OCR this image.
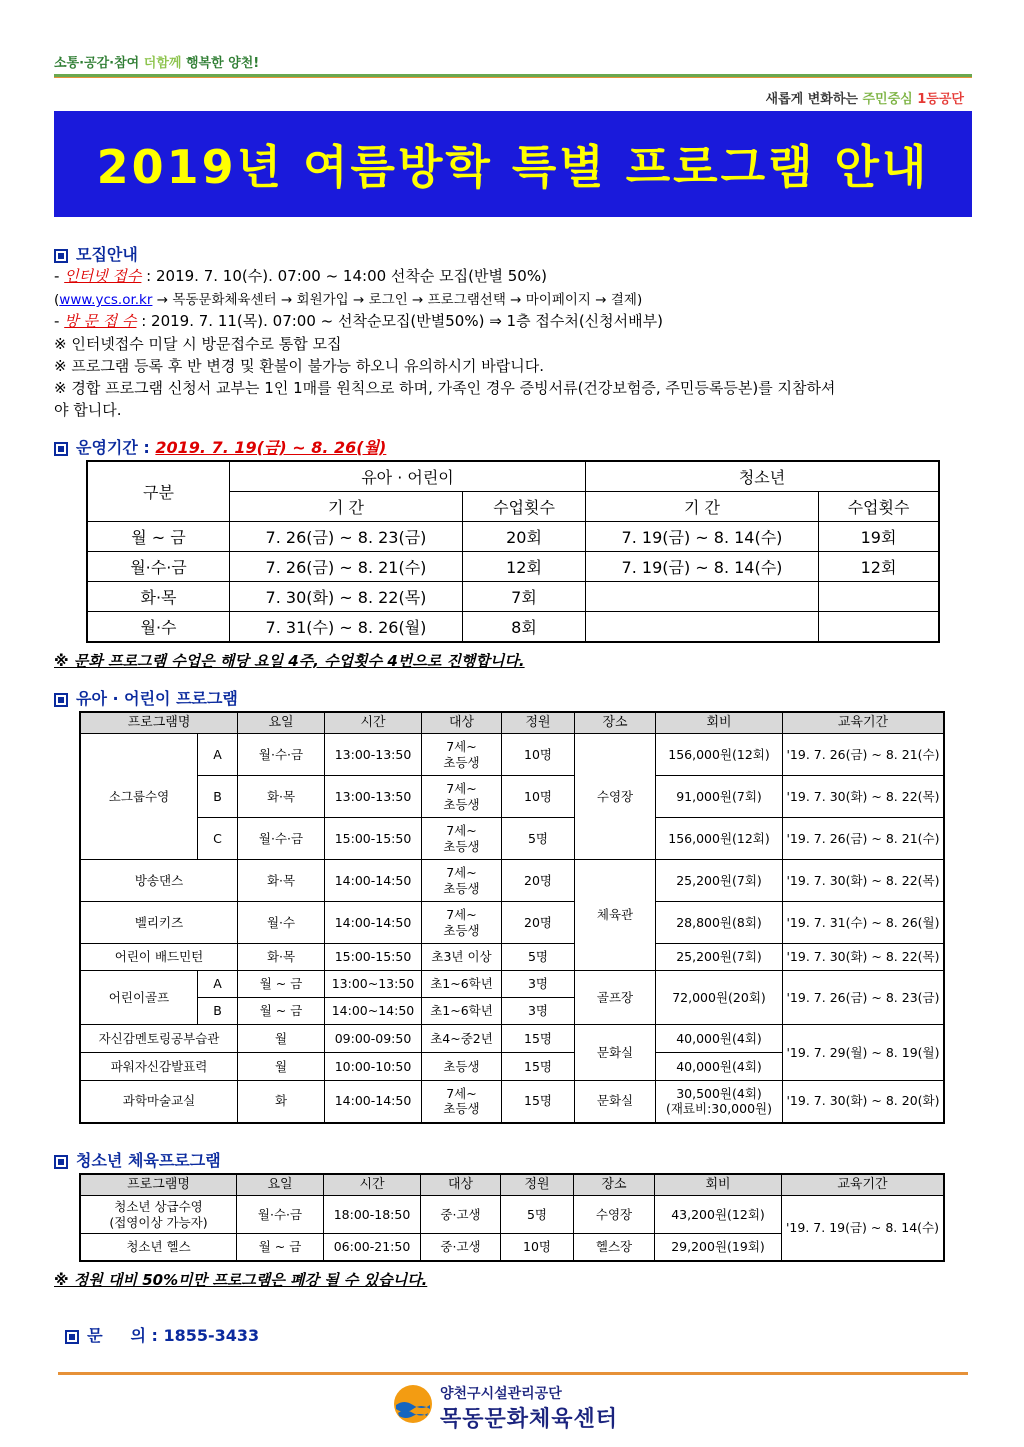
소통·공감·참여 더함께 행복한 양천!
새롭게 변화하는 주민중심 1등공단
2019년 여름방학 특별 프로그램 안내
모집안내
- 인터넷 접수 : 2019. 7. 10(수). 07:00 ~ 14:00 선착순 모집(반별 50%)
(www.ycs.or.kr → 목동문화체육센터 → 회원가입 → 로그인 → 프로그램선택 → 마이페이지 → 결제)
- 방 문 접 수 : 2019. 7. 11(목). 07:00 ~ 선착순모집(반별50%) ⇒ 1층 접수처(신청서배부)
※ 인터넷접수 미달 시 방문접수로 통합 모집
※ 프로그램 등록 후 반 변경 및 환불이 불가능 하오니 유의하시기 바랍니다.
※ 경합 프로그램 신청서 교부는 1인 1매를 원칙으로 하며, 가족인 경우 증빙서류(건강보험증, 주민등록등본)를 지참하셔
야 합니다.
운영기간 : 2019. 7. 19(금) ~ 8. 26(월)
구분	유아 · 어린이		청소년	
	기 간	수업횟수	기 간	수업횟수
월 ~ 금	7. 26(금) ~ 8. 23(금)	20회	7. 19(금) ~ 8. 14(수)	19회
월·수·금	7. 26(금) ~ 8. 21(수)	12회	7. 19(금) ~ 8. 14(수)	12회
화·목	7. 30(화) ~ 8. 22(목)	7회		
월·수	7. 31(수) ~ 8. 26(월)	8회		
※ 문화 프로그램 수업은 해당 요일 4주, 수업횟수 4번으로 진행합니다.
유아 · 어린이 프로그램
프로그램명		요일	시간	대상	정원	장소	회비	교육기간
소그룹수영	A	월·수·금	13:00-13:50	7세~
초등생	10명	수영장	156,000원(12회)	'19. 7. 26(금) ~ 8. 21(수)
	B	화·목	13:00-13:50	7세~
초등생	10명		91,000원(7회)	'19. 7. 30(화) ~ 8. 22(목)
	C	월·수·금	15:00-15:50	7세~
초등생	5명		156,000원(12회)	'19. 7. 26(금) ~ 8. 21(수)
방송댄스		화·목	14:00-14:50	7세~
초등생	20명	체육관	25,200원(7회)	'19. 7. 30(화) ~ 8. 22(목)
벨리키즈		월·수	14:00-14:50	7세~
초등생	20명		28,800원(8회)	'19. 7. 31(수) ~ 8. 26(월)
어린이 배드민턴		화·목	15:00-15:50	초3년 이상	5명		25,200원(7회)	'19. 7. 30(화) ~ 8. 22(목)
어린이골프	A	월 ~ 금	13:00~13:50	초1~6학년	3명	골프장	72,000원(20회)	'19. 7. 26(금) ~ 8. 23(금)
	B	월 ~ 금	14:00~14:50	초1~6학년	3명			
자신감멘토링공부습관		월	09:00-09:50	초4~중2년	15명	문화실	40,000원(4회)	'19. 7. 29(월) ~ 8. 19(월)
파워자신감발표력		월	10:00-10:50	초등생	15명		40,000원(4회)	
과학마술교실		화	14:00-14:50	7세~
초등생	15명	문화실	30,500원(4회)
(재료비:30,000원)	'19. 7. 30(화) ~ 8. 20(화)
청소년 체육프로그램
프로그램명	요일	시간	대상	정원	장소	회비	교육기간
청소년 상급수영
(접영이상 가능자)	월·수·금	18:00-18:50	중·고생	5명	수영장	43,200원(12회)	'19. 7. 19(금) ~ 8. 14(수)
청소년 헬스	월 ~ 금	06:00-21:50	중·고생	10명	헬스장	29,200원(19회)	
※ 정원 대비 50%미만 프로그램은 폐강 될 수 있습니다.

문     의 : 1855-3433

양천구시설관리공단
목동문화체육센터
